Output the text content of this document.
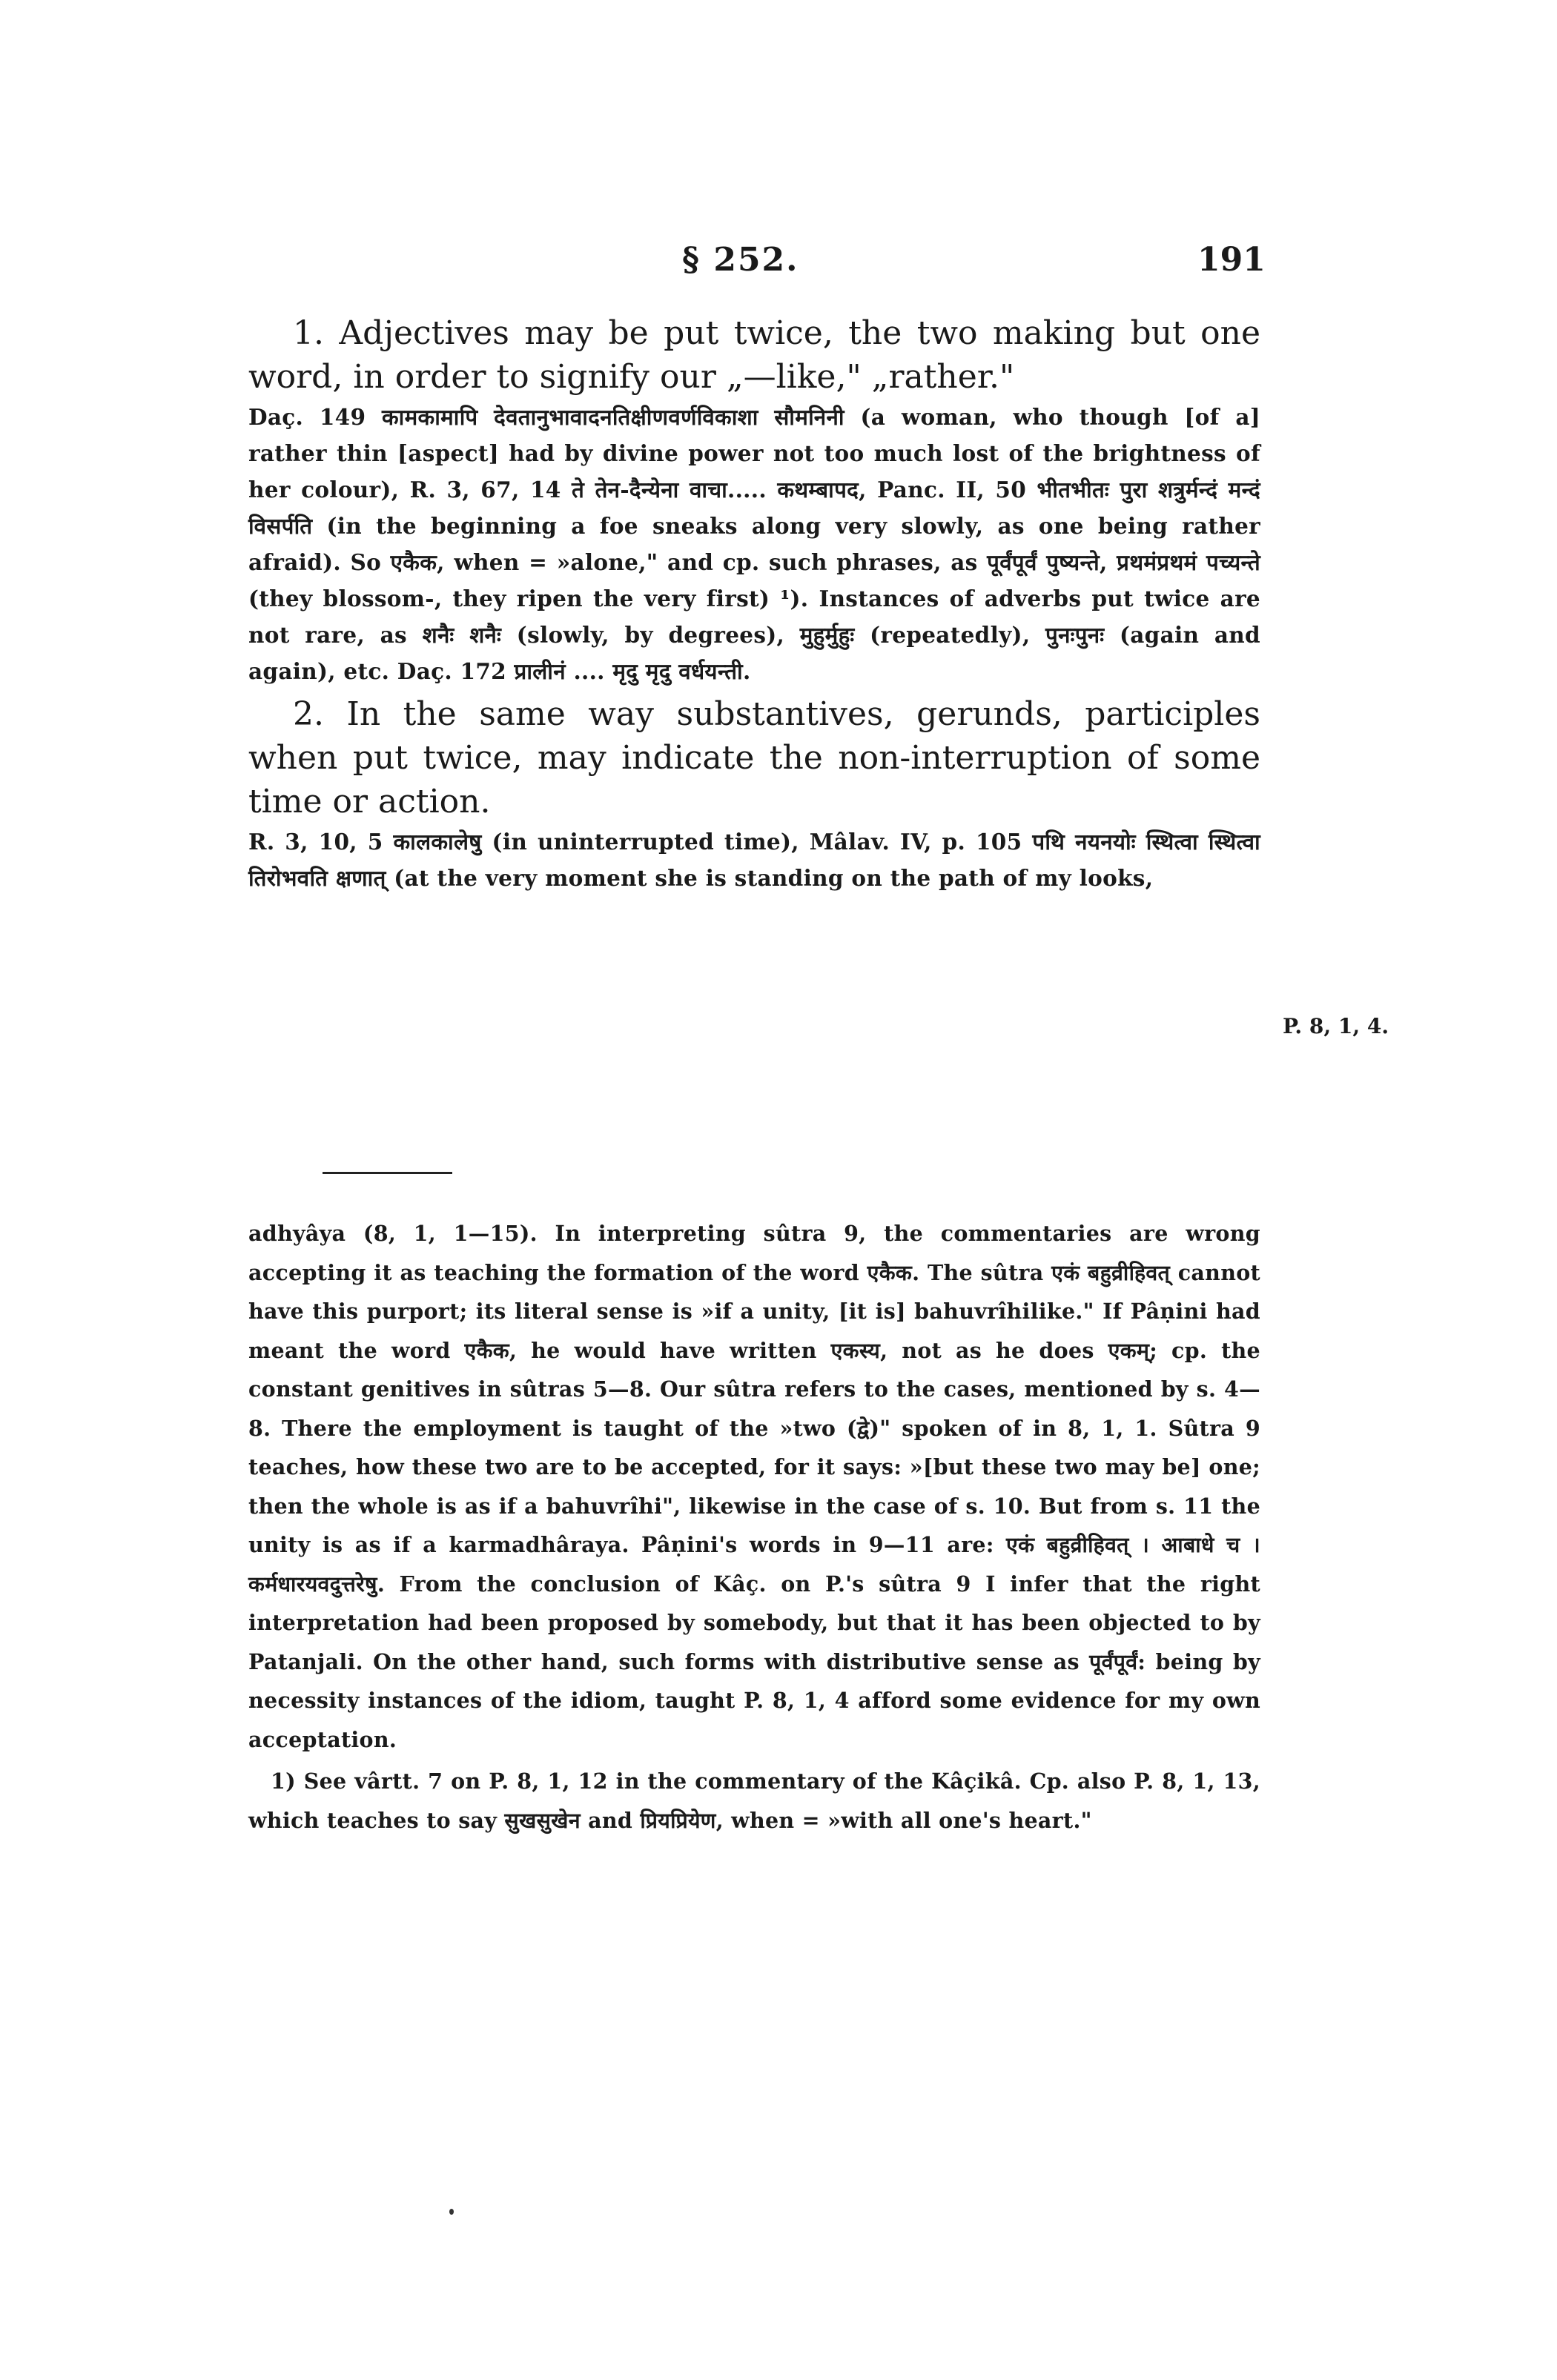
§ 252.	191

1. Adjectives may be put twice, the two making but one word, in order to signify our „—like," „rather."

Daç. 149 कामकामापि देवतानुभावादनतिक्षीणवर्णविकाशा सौमनिनी (a woman, who though [of a] rather thin [aspect] had by divine power not too much lost of the brightness of her colour), R. 3, 67, 14 ते तेन-दैन्येना वाचा..... कथम्बापद, Panc. II, 50 भीतभीतः पुरा शत्रुर्मन्दं मन्दं विसर्पति (in the beginning a foe sneaks along very slowly, as one being rather afraid). So एकैक, when = »alone," and cp. such phrases, as पूर्वंपूर्वं पुष्यन्ते, प्रथमंप्रथमं पच्यन्ते (they blossom-, they ripen the very first) ¹). Instances of adverbs put twice are not rare, as शनैः शनैः (slowly, by degrees), मुहुर्मुहुः (repeatedly), पुनःपुनः (again and again), etc. Daç. 172 प्रालीनं .... मृदु मृदु वर्धयन्ती.

2. In the same way substantives, gerunds, participles when put twice, may indicate the non-interruption of some time or action.

R. 3, 10, 5 कालकालेषु (in uninterrupted time), Mâlav. IV, p. 105 पथि नयनयोः स्थित्वा स्थित्वा तिरोभवति क्षणात् (at the very moment she is standing on the path of my looks,

P. 8, 1, 4.

adhyâya (8, 1, 1—15). In interpreting sûtra 9, the commentaries are wrong accepting it as teaching the formation of the word एकैक. The sûtra एकं बहुव्रीहिवत् cannot have this purport; its literal sense is »if a unity, [it is] bahuvrîhilike." If Pâṇini had meant the word एकैक, he would have written एकस्य, not as he does एकम्; cp. the constant genitives in sûtras 5—8. Our sûtra refers to the cases, mentioned by s. 4—8. There the employment is taught of the »two (द्वे)" spoken of in 8, 1, 1. Sûtra 9 teaches, how these two are to be accepted, for it says: »[but these two may be] one; then the whole is as if a bahuvrîhi", likewise in the case of s. 10. But from s. 11 the unity is as if a karmadhâraya. Pâṇini's words in 9—11 are: एकं बहुव्रीहिवत् । आबाधे च । कर्मधारयवदुत्तरेषु. From the conclusion of Kâç. on P.'s sûtra 9 I infer that the right interpretation had been proposed by somebody, but that it has been objected to by Patanjali. On the other hand, such forms with distributive sense as पूर्वंपूर्वं: being by necessity instances of the idiom, taught P. 8, 1, 4 afford some evidence for my own acceptation.

1) See vârtt. 7 on P. 8, 1, 12 in the commentary of the Kâçikâ. Cp. also P. 8, 1, 13, which teaches to say सुखसुखेन and प्रियप्रियेण, when = »with all one's heart."
